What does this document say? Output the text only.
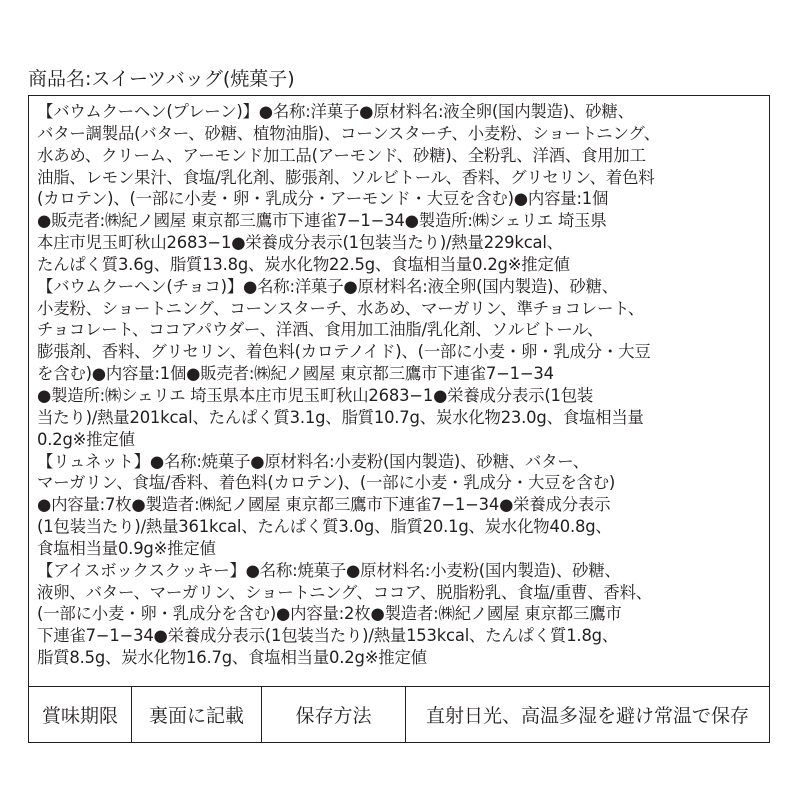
商品名:スイーツバッグ(焼菓子)
【バウムクーヘン(プレーン)】●名称:洋菓子●原材料名:液全卵(国内製造)、砂糖、
バター調製品(バター、砂糖、植物油脂)、コーンスターチ、小麦粉、ショートニング、
水あめ、クリーム、アーモンド加工品(アーモンド、砂糖)、全粉乳、洋酒、食用加工
油脂、レモン果汁、食塩/乳化剤、膨張剤、ソルビトール、香料、グリセリン、着色料
(カロテン)、(一部に小麦・卵・乳成分・アーモンド・大豆を含む)●内容量:1個
●販売者:㈱紀ノ國屋 東京都三鷹市下連雀7−1−34●製造所:㈱シェリエ 埼玉県
本庄市児玉町秋山2683−1●栄養成分表示(1包装当たり)/熱量229kcal、
たんぱく質3.6g、脂質13.8g、炭水化物22.5g、食塩相当量0.2g※推定値
【バウムクーヘン(チョコ)】●名称:洋菓子●原材料名:液全卵(国内製造)、砂糖、
小麦粉、ショートニング、コーンスターチ、水あめ、マーガリン、準チョコレート、
チョコレート、ココアパウダー、洋酒、食用加工油脂/乳化剤、ソルビトール、
膨張剤、香料、グリセリン、着色料(カロテノイド)、(一部に小麦・卵・乳成分・大豆
を含む)●内容量:1個●販売者:㈱紀ノ國屋 東京都三鷹市下連雀7−1−34
●製造所:㈱シェリエ 埼玉県本庄市児玉町秋山2683−1●栄養成分表示(1包装
当たり)/熱量201kcal、たんぱく質3.1g、脂質10.7g、炭水化物23.0g、食塩相当量
0.2g※推定値
【リュネット】●名称:焼菓子●原材料名:小麦粉(国内製造)、砂糖、バター、
マーガリン、食塩/香料、着色料(カロテン)、(一部に小麦・乳成分・大豆を含む)
●内容量:7枚●製造者:㈱紀ノ國屋 東京都三鷹市下連雀7−1−34●栄養成分表示
(1包装当たり)/熱量361kcal、たんぱく質3.0g、脂質20.1g、炭水化物40.8g、
食塩相当量0.9g※推定値
【アイスボックスクッキー】●名称:焼菓子●原材料名:小麦粉(国内製造)、砂糖、
液卵、バター、マーガリン、ショートニング、ココア、脱脂粉乳、食塩/重曹、香料、
(一部に小麦・卵・乳成分を含む)●内容量:2枚●製造者:㈱紀ノ國屋 東京都三鷹市
下連雀7−1−34●栄養成分表示(1包装当たり)/熱量153kcal、たんぱく質1.8g、
脂質8.5g、炭水化物16.7g、食塩相当量0.2g※推定値
賞味期限	裏面に記載	保存方法	直射日光、高温多湿を避け常温で保存
